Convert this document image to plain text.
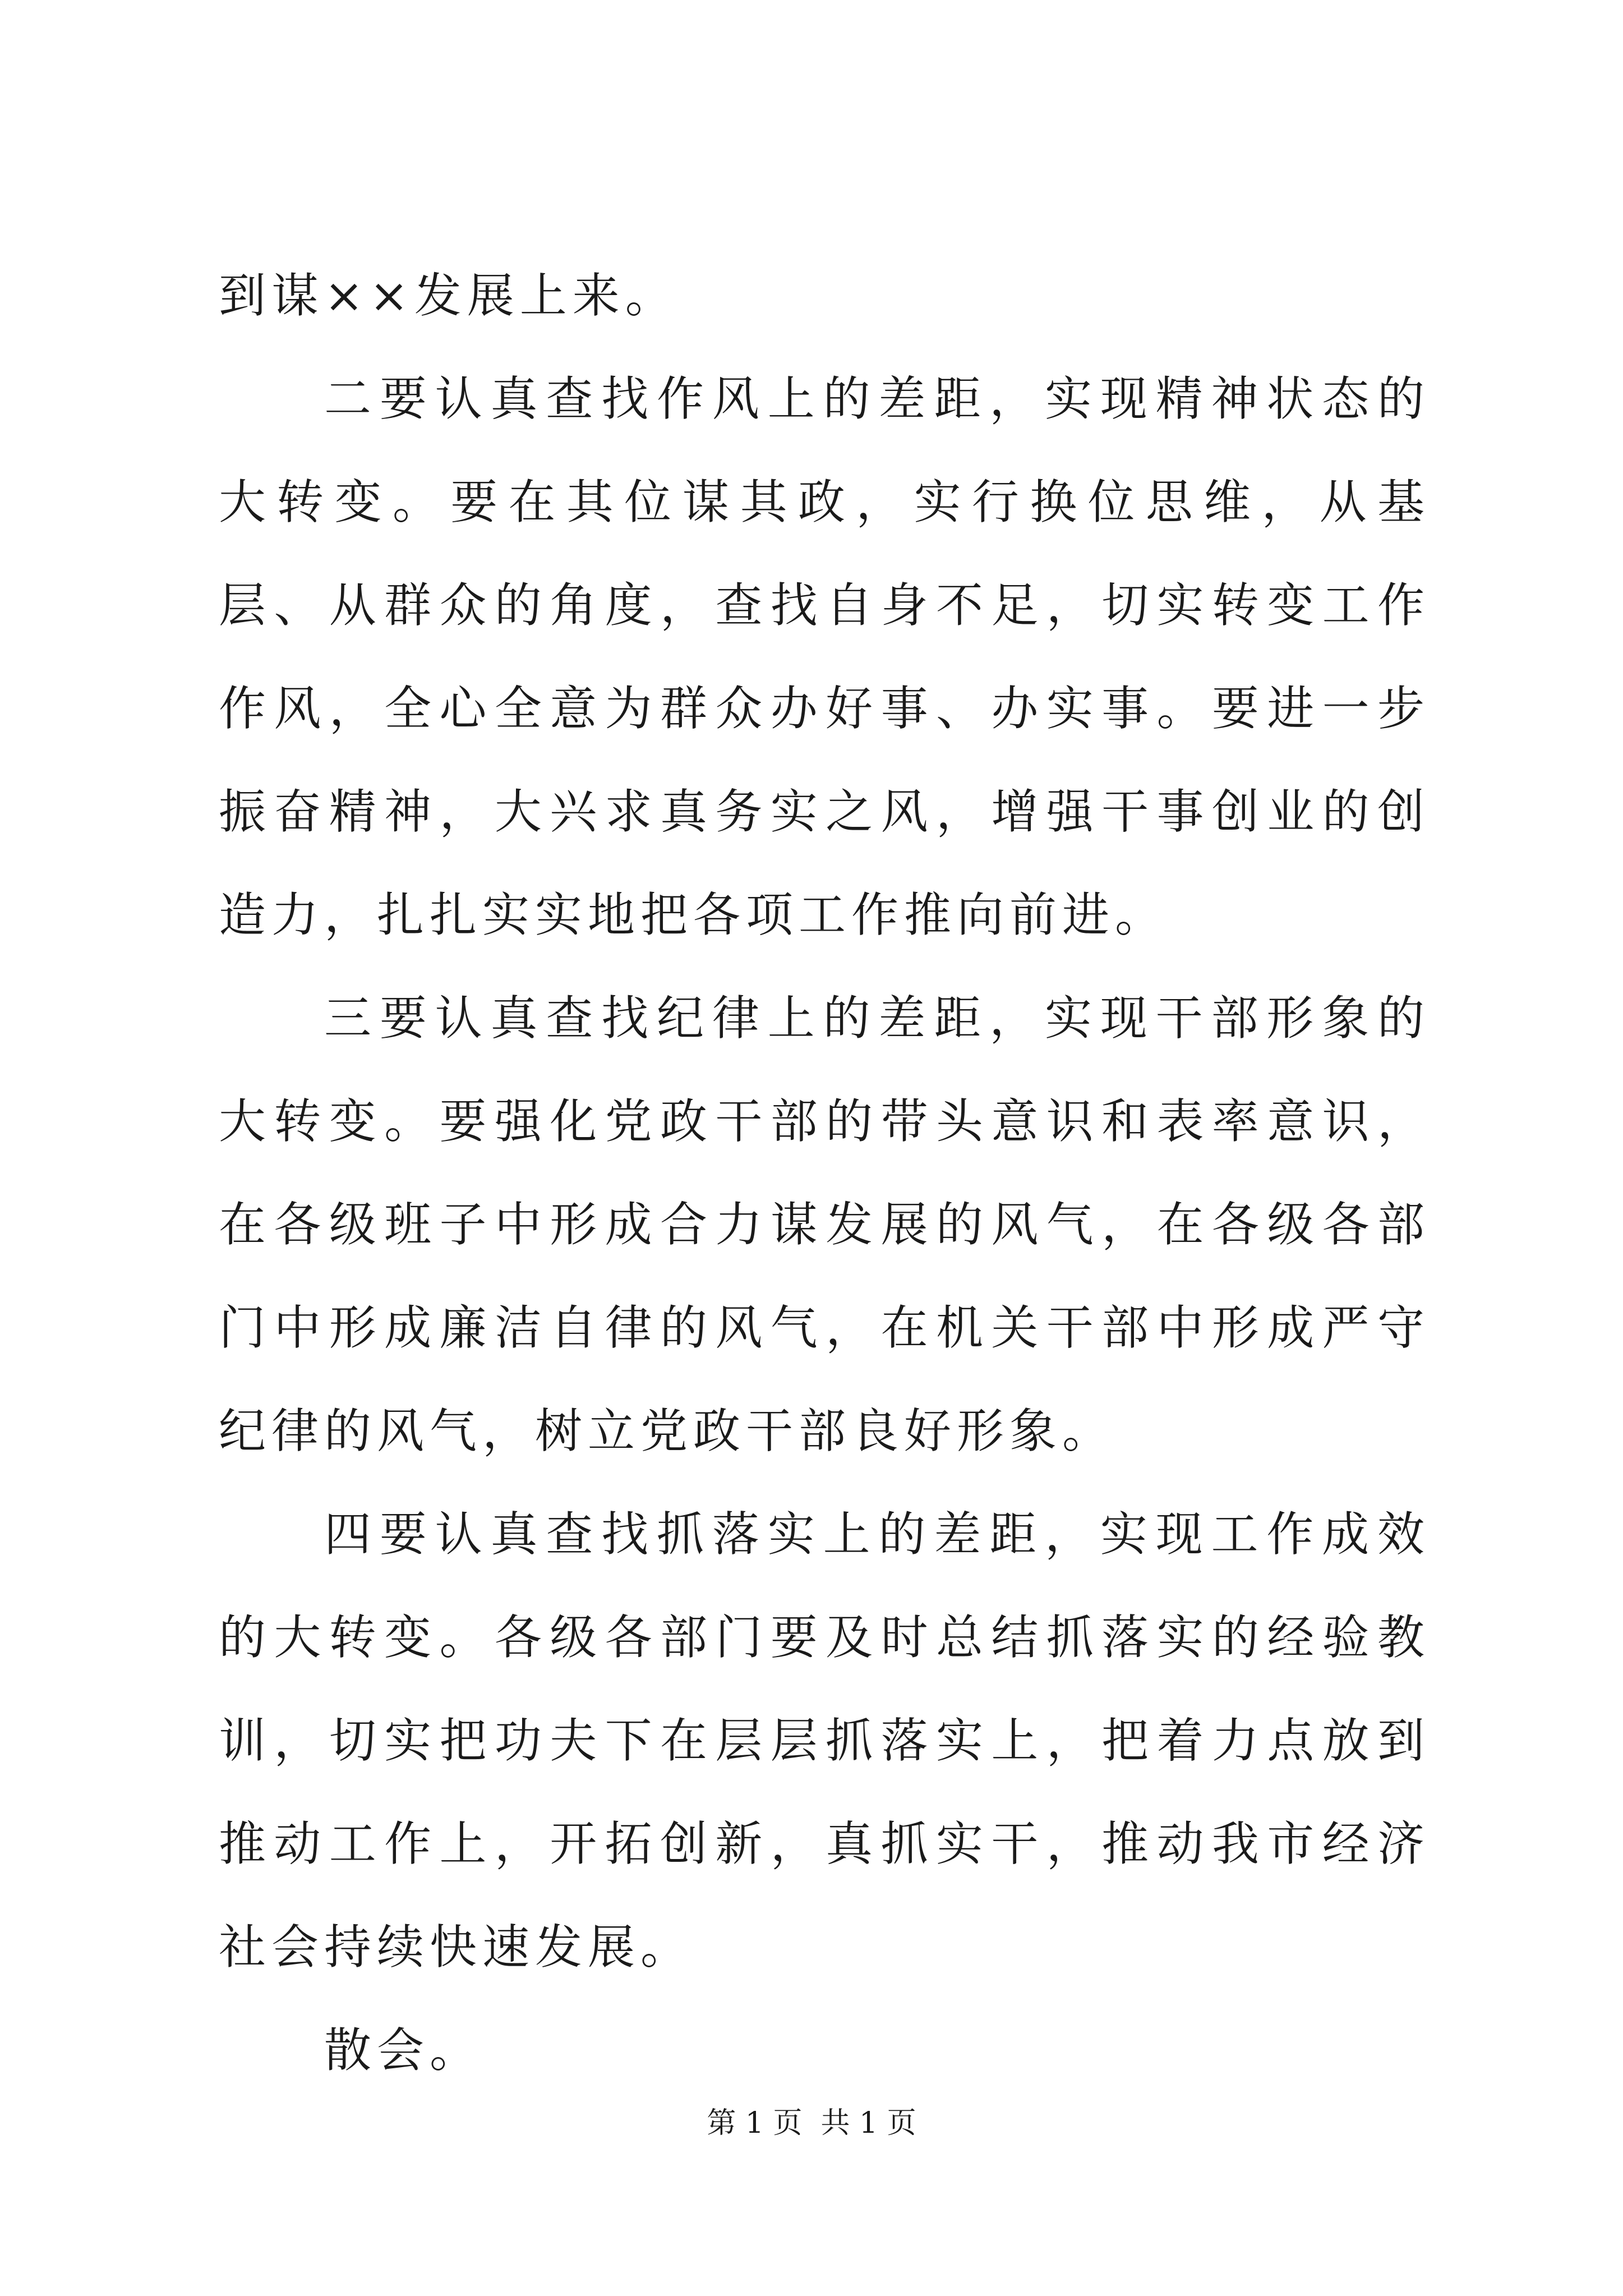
到谋××发展上来。

二要认真查找作风上的差距，实现精神状态的大转变。要在其位谋其政，实行换位思维，从基层、从群众的角度，查找自身不足，切实转变工作作风，全心全意为群众办好事、办实事。要进一步振奋精神，大兴求真务实之风，增强干事创业的创造力，扎扎实实地把各项工作推向前进。

三要认真查找纪律上的差距，实现干部形象的大转变。要强化党政干部的带头意识和表率意识，在各级班子中形成合力谋发展的风气，在各级各部门中形成廉洁自律的风气，在机关干部中形成严守纪律的风气，树立党政干部良好形象。

四要认真查找抓落实上的差距，实现工作成效的大转变。各级各部门要及时总结抓落实的经验教训，切实把功夫下在层层抓落实上，把着力点放到推动工作上，开拓创新，真抓实干，推动我市经济社会持续快速发展。

散会。

第 1 页  共 1 页
